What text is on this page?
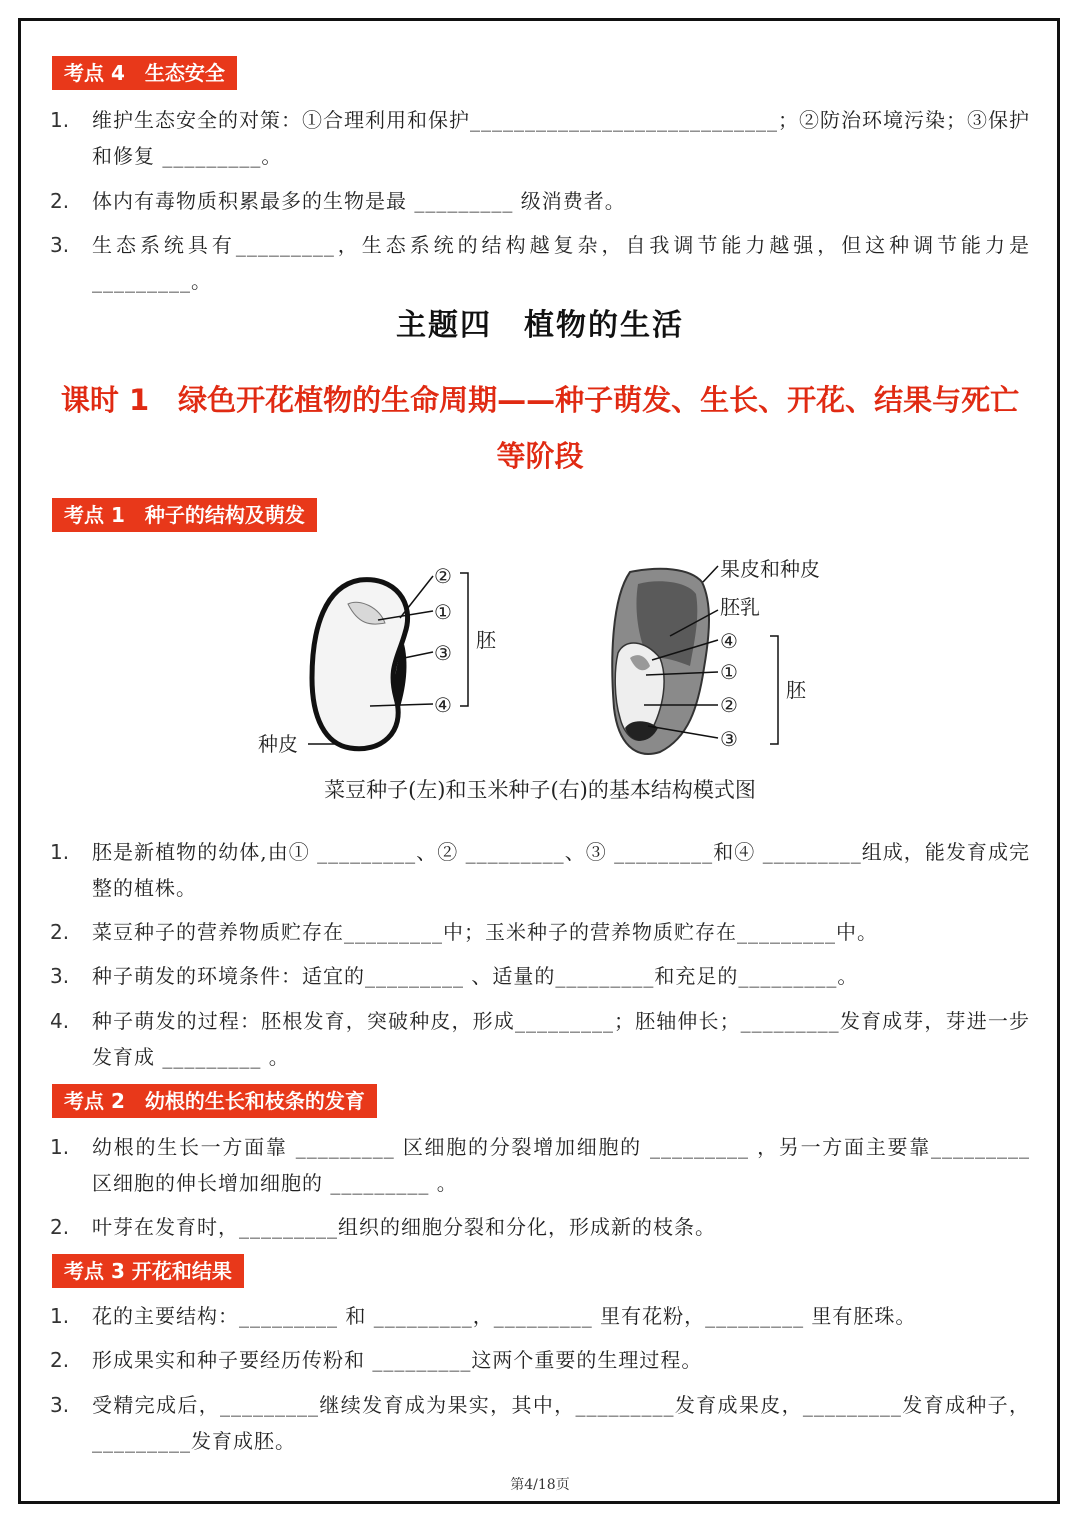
考点 4　生态安全
1.	维护生态安全的对策：①合理利用和保护____________________________；②防治环境污染；③保护和修复 _________。
2.	体内有毒物质积累最多的生物是最 _________ 级消费者。
3.	生态系统具有_________，生态系统的结构越复杂，自我调节能力越强，但这种调节能力是_________。
主题四　植物的生活
课时 1　绿色开花植物的生命周期——种子萌发、生长、开花、结果与死亡等阶段
考点 1　种子的结构及萌发
②
①
③
④
胚
种皮
果皮和种皮
胚乳
④
①
②
③
胚
菜豆种子(左)和玉米种子(右)的基本结构模式图
1.	胚是新植物的幼体,由① _________、② _________、③ _________和④ _________组成，能发育成完整的植株。
2.	菜豆种子的营养物质贮存在_________中；玉米种子的营养物质贮存在_________中。
3.	种子萌发的环境条件：适宜的_________ 、适量的_________和充足的_________。
4.	种子萌发的过程：胚根发育，突破种皮，形成_________；胚轴伸长；_________发育成芽，芽进一步发育成 _________ 。
考点 2　幼根的生长和枝条的发育
1.	幼根的生长一方面靠 _________ 区细胞的分裂增加细胞的 _________ ，另一方面主要靠_________ 区细胞的伸长增加细胞的 _________ 。
2.	叶芽在发育时，_________组织的细胞分裂和分化，形成新的枝条。
考点 3 开花和结果
1.	花的主要结构：_________ 和 _________，_________ 里有花粉，_________ 里有胚珠。
2.	形成果实和种子要经历传粉和 _________这两个重要的生理过程。
3.	受精完成后，_________继续发育成为果实，其中，_________发育成果皮，_________发育成种子，_________发育成胚。
第4/18页
